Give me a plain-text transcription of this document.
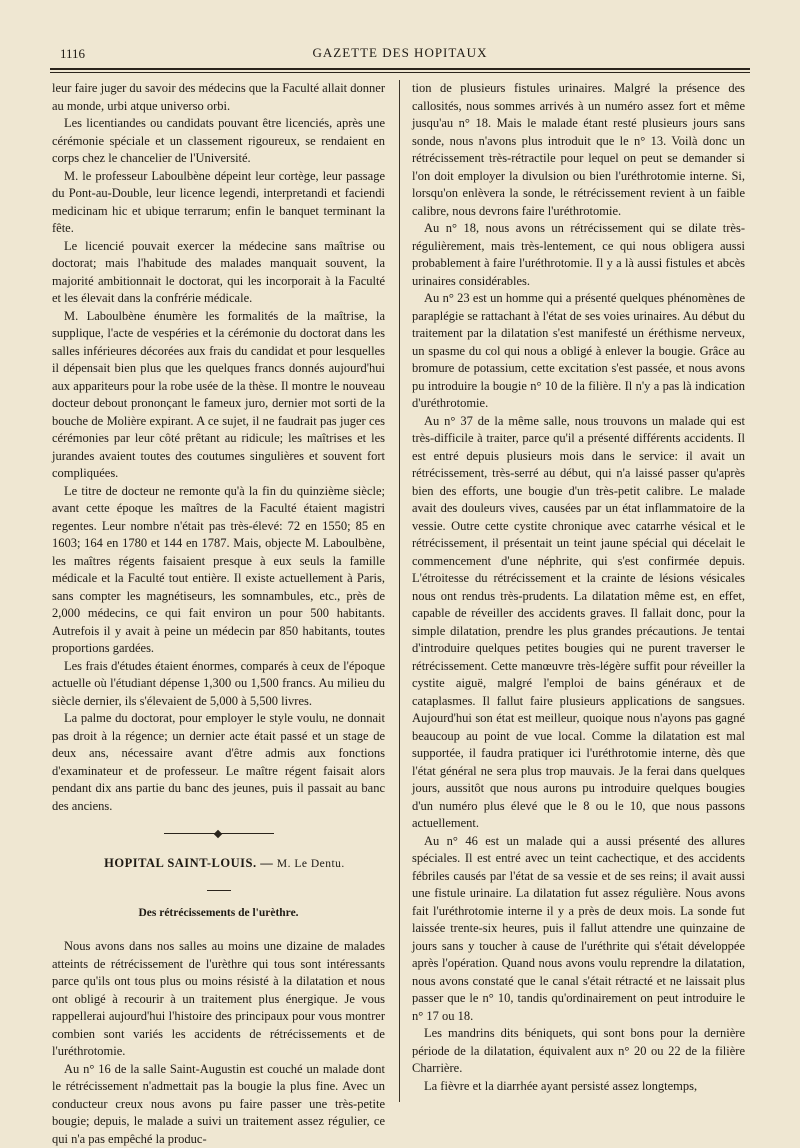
1116	GAZETTE DES HOPITAUX

leur faire juger du savoir des médecins que la Faculté allait donner au monde, urbi atque universo orbi.

Les licentiandes ou candidats pouvant être licenciés, après une cérémonie spéciale et un classement rigoureux, se rendaient en corps chez le chancelier de l'Université.

M. le professeur Laboulbène dépeint leur cortège, leur passage du Pont-au-Double, leur licence legendi, interpretandi et faciendi medicinam hic et ubique terrarum; enfin le banquet terminant la fête.

Le licencié pouvait exercer la médecine sans maîtrise ou doctorat; mais l'habitude des malades manquait souvent, la majorité ambitionnait le doctorat, qui les incorporait à la Faculté et les élevait dans la confrérie médicale.

M. Laboulbène énumère les formalités de la maîtrise, la supplique, l'acte de vespéries et la cérémonie du doctorat dans les salles inférieures décorées aux frais du candidat et pour lesquelles il dépensait bien plus que les quelques francs donnés aujourd'hui aux appariteurs pour la robe usée de la thèse. Il montre le nouveau docteur debout prononçant le fameux juro, dernier mot sorti de la bouche de Molière expirant. A ce sujet, il ne faudrait pas juger ces cérémonies par leur côté prêtant au ridicule; les maîtrises et les jurandes avaient toutes des coutumes singulières et souvent fort compliquées.

Le titre de docteur ne remonte qu'à la fin du quinzième siècle; avant cette époque les maîtres de la Faculté étaient magistri regentes. Leur nombre n'était pas très-élevé: 72 en 1550; 85 en 1603; 164 en 1780 et 144 en 1787. Mais, objecte M. Laboulbène, les maîtres régents faisaient presque à eux seuls la famille médicale et la Faculté tout entière. Il existe actuellement à Paris, sans compter les magnétiseurs, les somnambules, etc., près de 2,000 médecins, ce qui fait environ un pour 500 habitants. Autrefois il y avait à peine un médecin par 850 habitants, toutes proportions gardées.

Les frais d'études étaient énormes, comparés à ceux de l'époque actuelle où l'étudiant dépense 1,300 ou 1,500 francs. Au milieu du siècle dernier, ils s'élevaient de 5,000 à 5,500 livres.

La palme du doctorat, pour employer le style voulu, ne donnait pas droit à la régence; un dernier acte était passé et un stage de deux ans, nécessaire avant d'être admis aux fonctions d'examinateur et de professeur. Le maître régent faisait alors pendant dix ans partie du banc des jeunes, puis il passait au banc des anciens.

HOPITAL SAINT-LOUIS. — M. Le Dentu.

Des rétrécissements de l'urèthre.

Nous avons dans nos salles au moins une dizaine de malades atteints de rétrécissement de l'urèthre qui tous sont intéressants parce qu'ils ont tous plus ou moins résisté à la dilatation et nous ont obligé à recourir à un traitement plus énergique. Je vous rappellerai aujourd'hui l'histoire des principaux pour vous montrer combien sont variés les accidents de rétrécissements et de l'uréthrotomie.

Au n° 16 de la salle Saint-Augustin est couché un malade dont le rétrécissement n'admettait pas la bougie la plus fine. Avec un conducteur creux nous avons pu faire passer une très-petite bougie; depuis, le malade a suivi un traitement assez régulier, ce qui n'a pas empêché la produc-

tion de plusieurs fistules urinaires. Malgré la présence des callosités, nous sommes arrivés à un numéro assez fort et même jusqu'au n° 18. Mais le malade étant resté plusieurs jours sans sonde, nous n'avons plus introduit que le n° 13. Voilà donc un rétrécissement très-rétractile pour lequel on peut se demander si l'on doit employer la divulsion ou bien l'uréthrotomie interne. Si, lorsqu'on enlèvera la sonde, le rétrécissement revient à un faible calibre, nous devrons faire l'uréthrotomie.

Au n° 18, nous avons un rétrécissement qui se dilate très-régulièrement, mais très-lentement, ce qui nous obligera aussi probablement à faire l'uréthrotomie. Il y a là aussi fistules et abcès urinaires considérables.

Au n° 23 est un homme qui a présenté quelques phénomènes de paraplégie se rattachant à l'état de ses voies urinaires. Au début du traitement par la dilatation s'est manifesté un éréthisme nerveux, un spasme du col qui nous a obligé à enlever la bougie. Grâce au bromure de potassium, cette excitation s'est passée, et nous avons pu introduire la bougie n° 10 de la filière. Il n'y a pas là indication d'uréthrotomie.

Au n° 37 de la même salle, nous trouvons un malade qui est très-difficile à traiter, parce qu'il a présenté différents accidents. Il est entré depuis plusieurs mois dans le service: il avait un rétrécissement, très-serré au début, qui n'a laissé passer qu'après bien des efforts, une bougie d'un très-petit calibre. Le malade avait des douleurs vives, causées par un état inflammatoire de la vessie. Outre cette cystite chronique avec catarrhe vésical et le rétrécissement, il présentait un teint jaune spécial qui décelait le commencement d'une néphrite, qui s'est confirmée depuis. L'étroitesse du rétrécissement et la crainte de lésions vésicales nous ont rendus très-prudents. La dilatation même est, en effet, capable de réveiller des accidents graves. Il fallait donc, pour la simple dilatation, prendre les plus grandes précautions. Je tentai d'introduire quelques petites bougies qui ne purent traverser le rétrécissement. Cette manœuvre très-légère suffit pour réveiller la cystite aiguë, malgré l'emploi de bains généraux et de cataplasmes. Il fallut faire plusieurs applications de sangsues. Aujourd'hui son état est meilleur, quoique nous n'ayons pas gagné beaucoup au point de vue local. Comme la dilatation est mal supportée, il faudra pratiquer ici l'uréthrotomie interne, dès que l'état général ne sera plus trop mauvais. Je la ferai dans quelques jours, aussitôt que nous aurons pu introduire quelques bougies d'un numéro plus élevé que le 8 ou le 10, que nous passons actuellement.

Au n° 46 est un malade qui a aussi présenté des allures spéciales. Il est entré avec un teint cachectique, et des accidents fébriles causés par l'état de sa vessie et de ses reins; il avait aussi une fistule urinaire. La dilatation fut assez régulière. Nous avons fait l'uréthrotomie interne il y a près de deux mois. La sonde fut laissée trente-six heures, puis il fallut attendre une quinzaine de jours sans y toucher à cause de l'uréthrite qui s'était développée après l'opération. Quand nous avons voulu reprendre la dilatation, nous avons constaté que le canal s'était rétracté et ne laissait plus passer que le n° 10, tandis qu'ordinairement on peut introduire le n° 17 ou 18.

Les mandrins dits béniquets, qui sont bons pour la dernière période de la dilatation, équivalent aux n° 20 ou 22 de la filière Charrière.

La fièvre et la diarrhée ayant persisté assez longtemps,
